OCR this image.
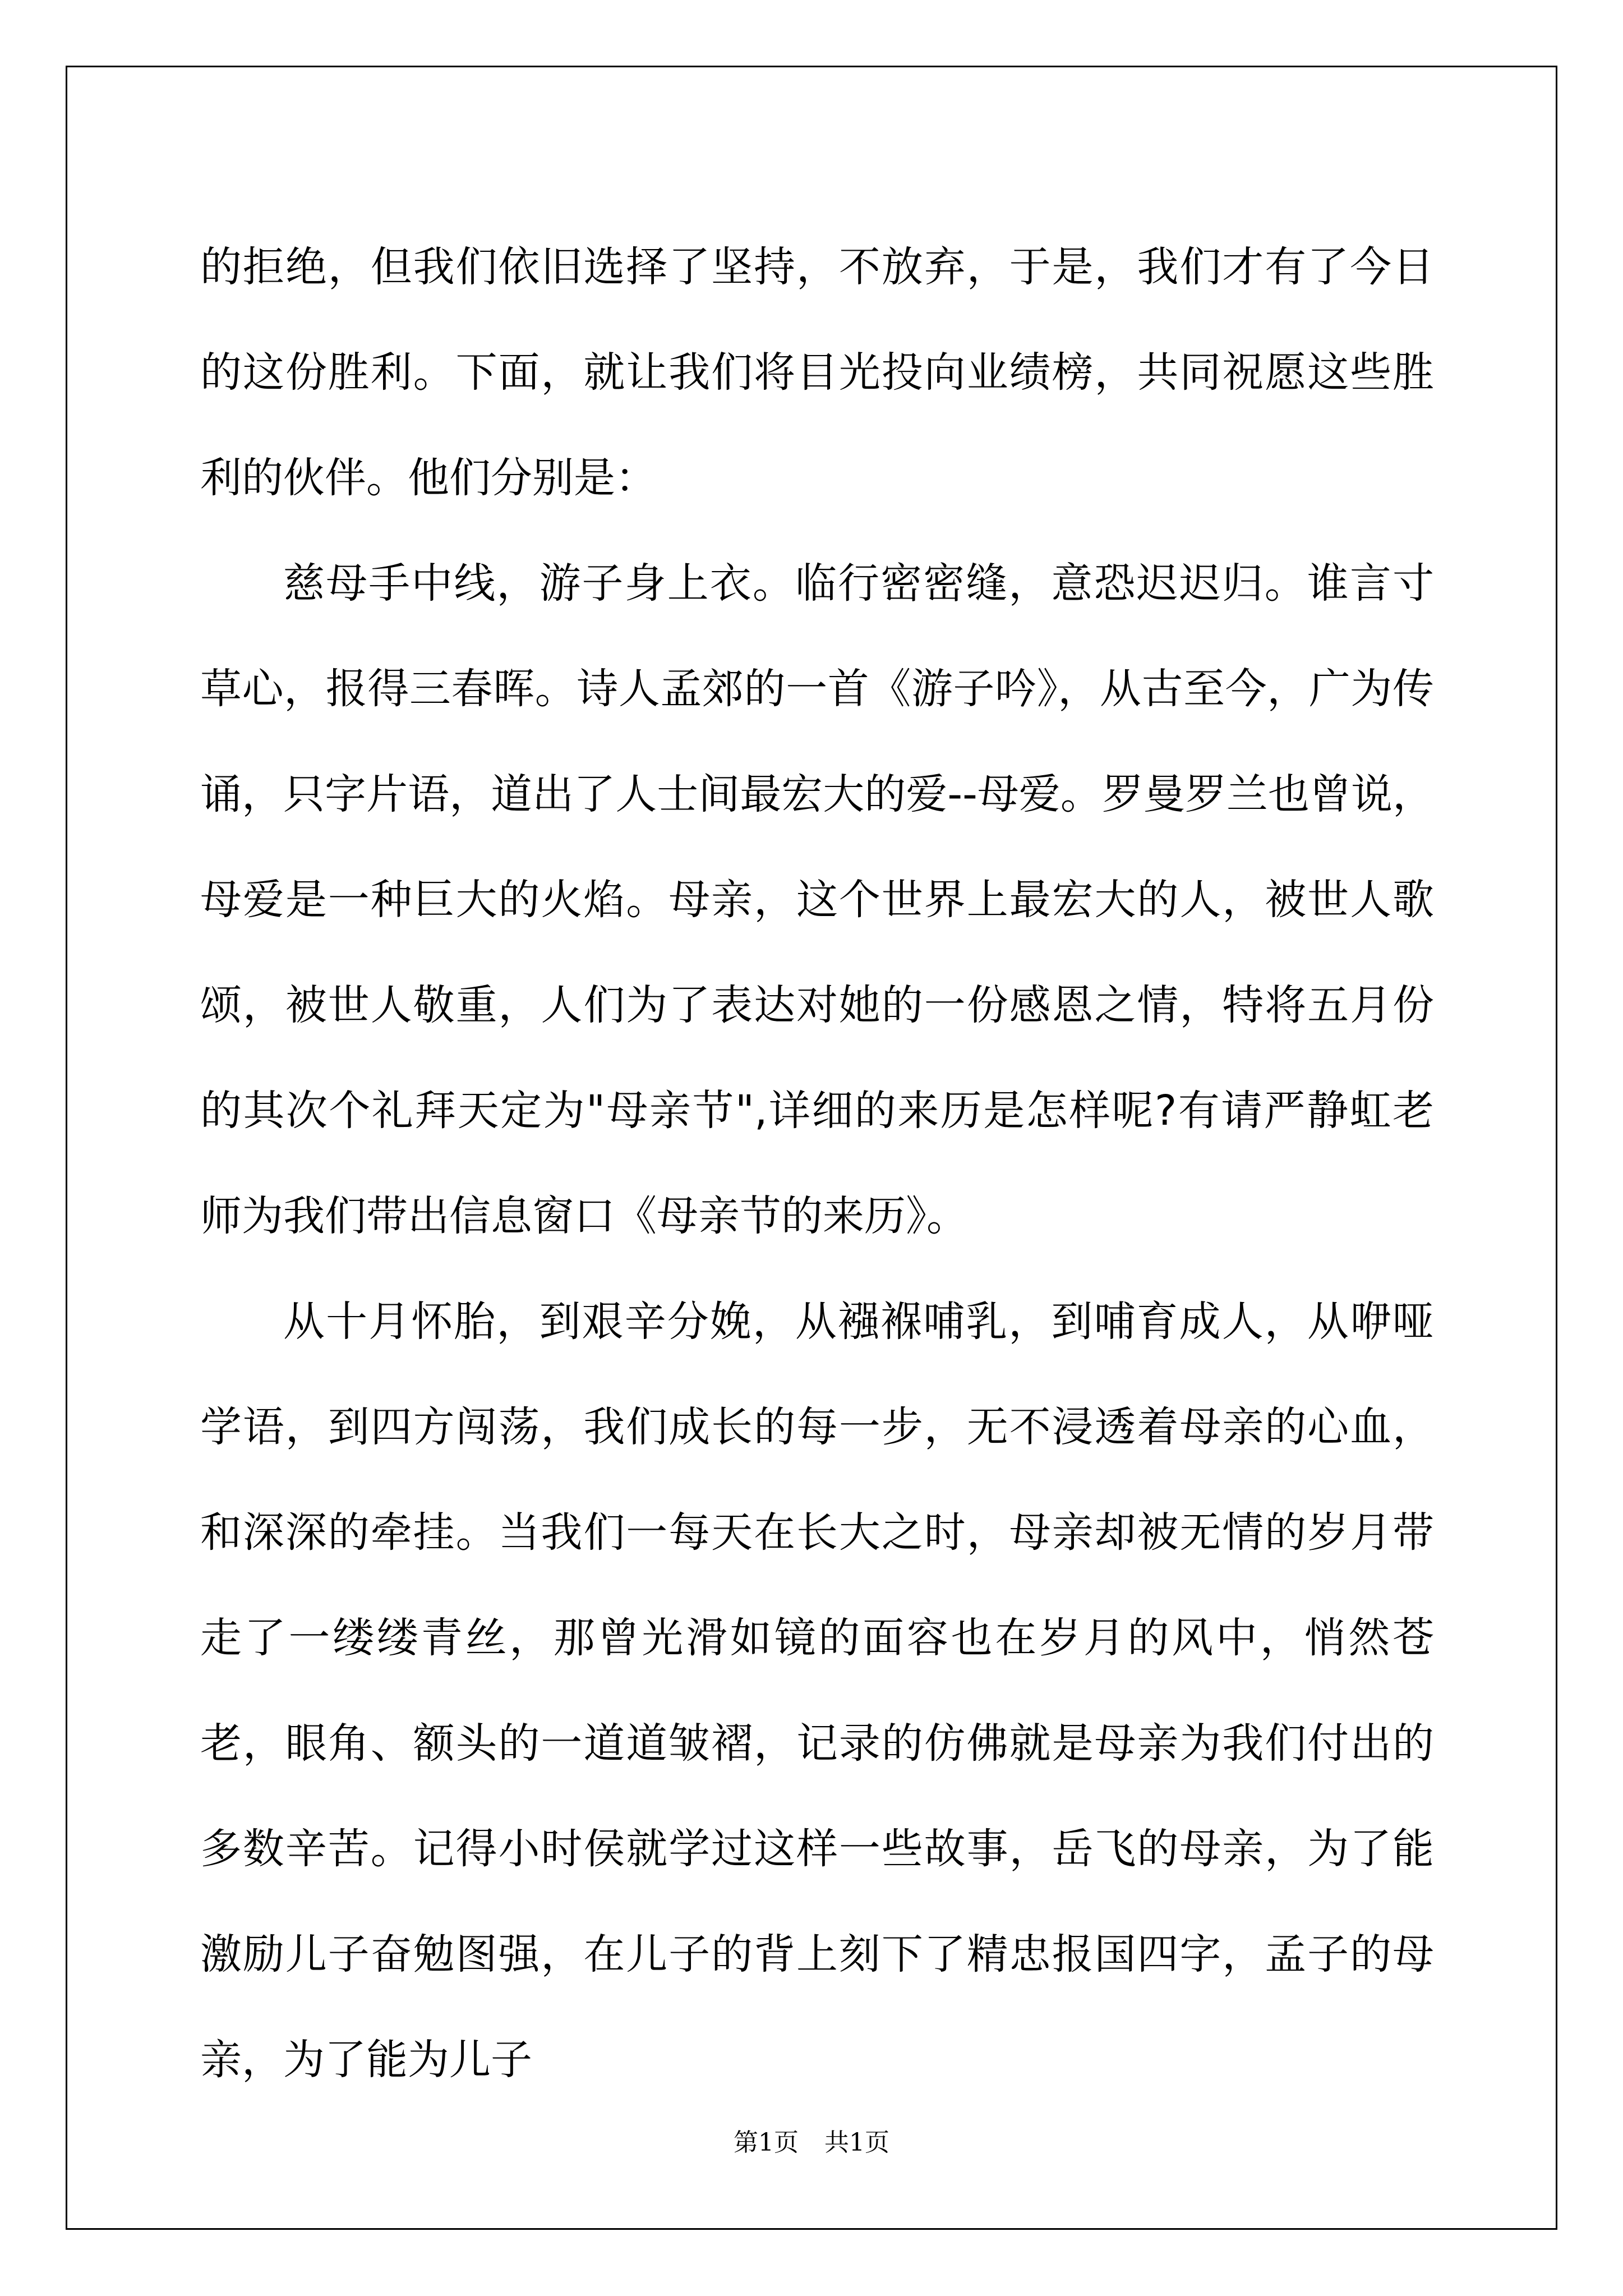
的拒绝，但我们依旧选择了坚持，不放弃，于是，我们才有了今日的这份胜利。下面，就让我们将目光投向业绩榜，共同祝愿这些胜利的伙伴。他们分别是：

慈母手中线，游子身上衣。临行密密缝，意恐迟迟归。谁言寸草心，报得三春晖。诗人孟郊的一首《游子吟》，从古至今，广为传诵，只字片语，道出了人士间最宏大的爱--母爱。罗曼罗兰也曾说，母爱是一种巨大的火焰。母亲，这个世界上最宏大的人，被世人歌颂，被世人敬重，人们为了表达对她的一份感恩之情，特将五月份的其次个礼拜天定为"母亲节",详细的来历是怎样呢?有请严静虹老师为我们带出信息窗口《母亲节的来历》。

从十月怀胎，到艰辛分娩，从襁褓哺乳，到哺育成人，从咿哑学语，到四方闯荡，我们成长的每一步，无不浸透着母亲的心血，和深深的牵挂。当我们一每天在长大之时，母亲却被无情的岁月带走了一缕缕青丝，那曾光滑如镜的面容也在岁月的风中，悄然苍老，眼角、额头的一道道皱褶，记录的仿佛就是母亲为我们付出的多数辛苦。记得小时侯就学过这样一些故事，岳飞的母亲，为了能激励儿子奋勉图强，在儿子的背上刻下了精忠报国四字，孟子的母亲，为了能为儿子

第1页 共1页
